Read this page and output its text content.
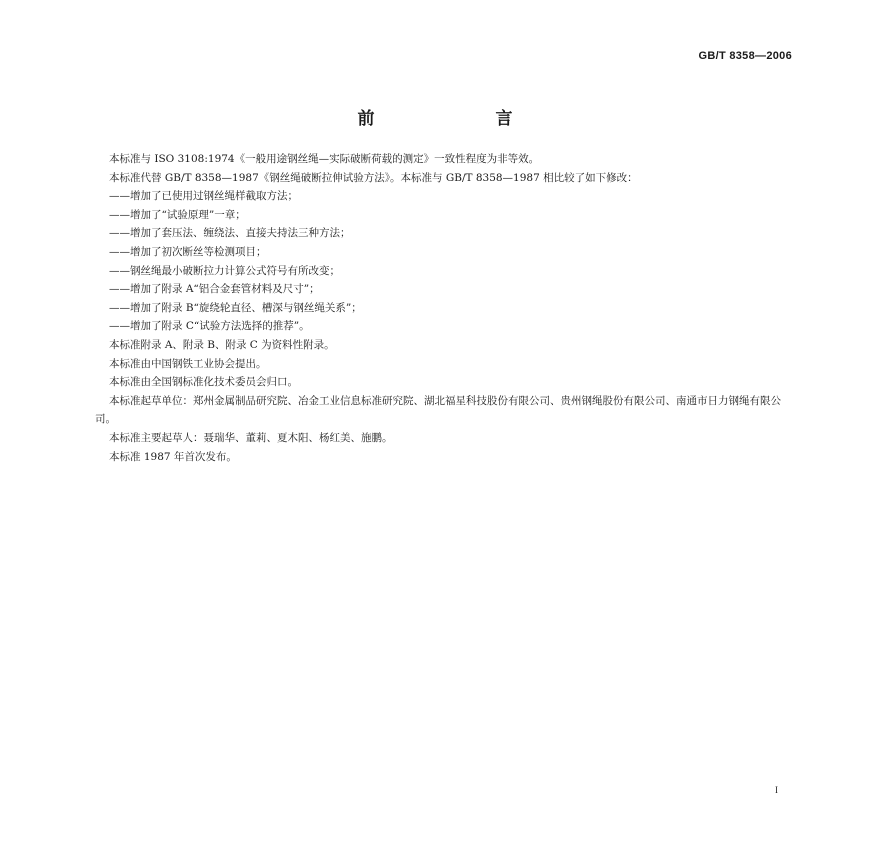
GB/T 8358—2006
前　言

本标准与 ISO 3108:1974《一般用途钢丝绳—实际破断荷载的测定》一致性程度为非等效。

本标准代替 GB/T 8358—1987《钢丝绳破断拉伸试验方法》。本标准与 GB/T 8358—1987 相比较了如下修改：

——增加了已使用过钢丝绳样截取方法；

——增加了“试验原理”一章；

——增加了套压法、缠绕法、直接夫持法三种方法；

——增加了初次断丝等检测项目；

——钢丝绳最小破断拉力计算公式符号有所改变；

——增加了附录 A“铝合金套管材料及尺寸”；

——增加了附录 B“旋绕轮直径、槽深与钢丝绳关系”；

——增加了附录 C“试验方法选择的推荐”。

本标准附录 A、附录 B、附录 C 为资料性附录。

本标准由中国钢铁工业协会提出。

本标准由全国钢标准化技术委员会归口。

本标准起草单位：郑州金属制品研究院、冶金工业信息标准研究院、湖北福星科技股份有限公司、贵州钢绳股份有限公司、南通市日力钢绳有限公司。

本标准主要起草人：聂瑞华、董莉、夏木阳、杨红美、施鹏。

本标准 1987 年首次发布。

I
